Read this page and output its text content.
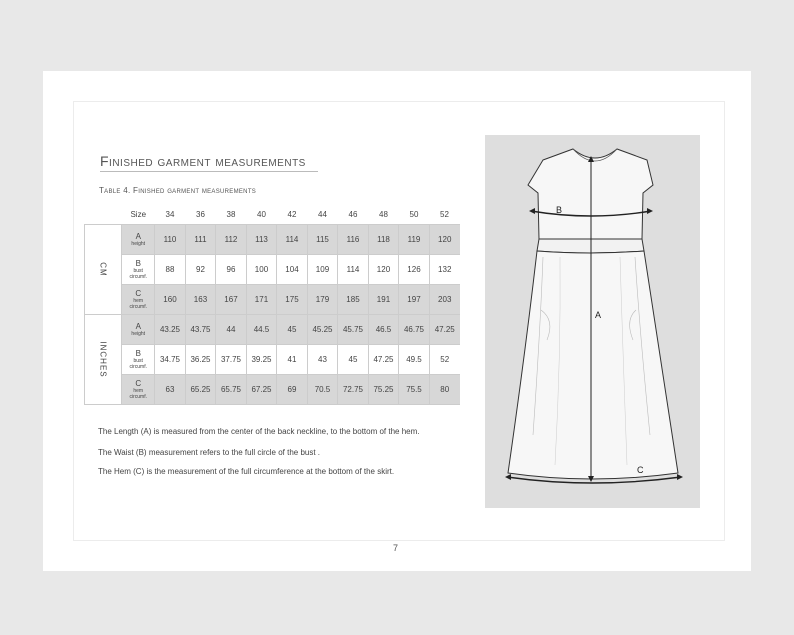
Finished garment measurements
Table 4. Finished garment measurements
	Size	34	36	38	40	42	44	46	48	50	52
CM	A
height	110	111	112	113	114	115	116	118	119	120

	B
bust
circumf.	88	92	96	100	104	109	114	120	126	132

	C
hem
circumf.	160	163	167	171	175	179	185	191	197	203
INCHES	A
height	43.25	43.75	44	44.5	45	45.25	45.75	46.5	46.75	47.25

	B
bust
circumf.	34.75	36.25	37.75	39.25	41	43	45	47.25	49.5	52

	C
hem
circumf.	63	65.25	65.75	67.25	69	70.5	72.75	75.25	75.5	80
The Length (A) is measured from the center of the back neckline, to the bottom of the hem.
The Waist (B) measurement refers to the full circle of the bust .
The Hem (C) is the measurement of the full circumference at the bottom of the skirt.
7
B
A
C
